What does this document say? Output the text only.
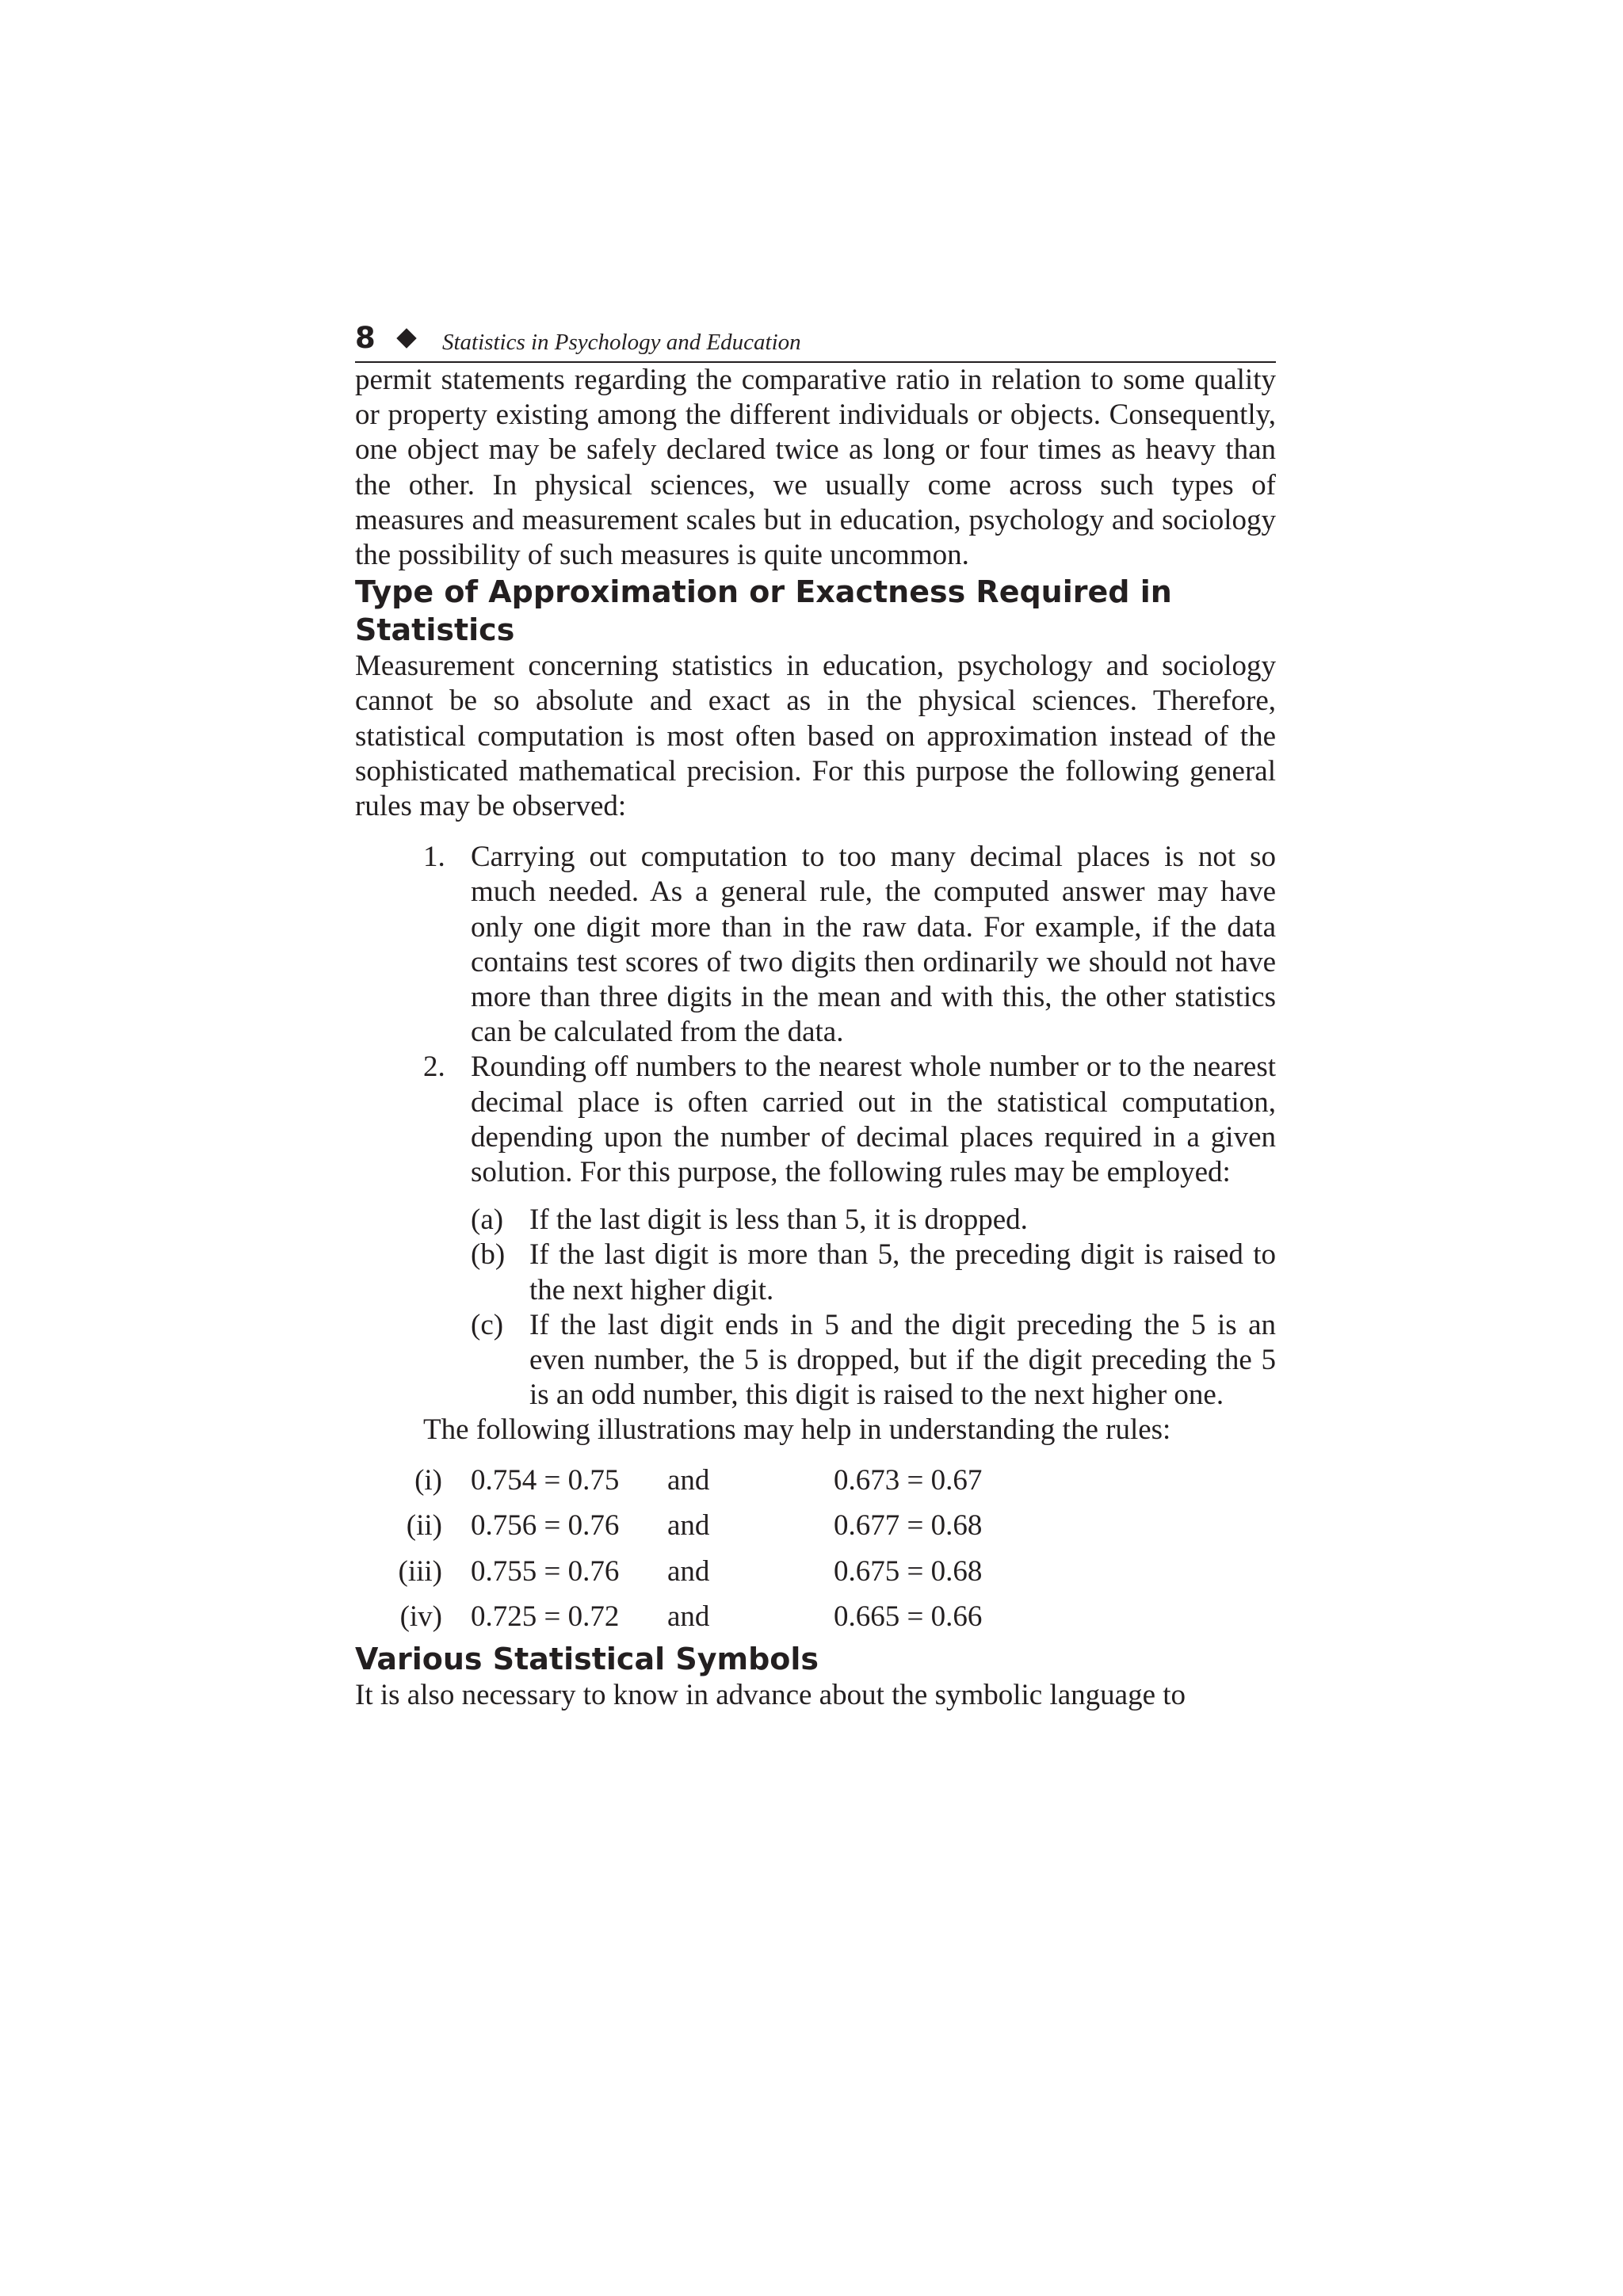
8	Statistics in Psychology and Education

permit statements regarding the comparative ratio in relation to some quality or property existing among the different individuals or objects. Consequently, one object may be safely declared twice as long or four times as heavy than the other. In physical sciences, we usually come across such types of measures and measurement scales but in education, psychology and sociology the possibility of such measures is quite uncommon.

Type of Approximation or Exactness Required in Statistics

Measurement concerning statistics in education, psychology and sociology cannot be so absolute and exact as in the physical sciences. Therefore, statistical computation is most often based on approximation instead of the sophisticated mathematical precision. For this purpose the following general rules may be observed:

1. Carrying out computation to too many decimal places is not so much needed. As a general rule, the computed answer may have only one digit more than in the raw data. For example, if the data contains test scores of two digits then ordinarily we should not have more than three digits in the mean and with this, the other statistics can be calculated from the data.

2. Rounding off numbers to the nearest whole number or to the nearest decimal place is often carried out in the statistical computation, depending upon the number of decimal places required in a given solution. For this purpose, the following rules may be employed:

(a) If the last digit is less than 5, it is dropped.

(b) If the last digit is more than 5, the preceding digit is raised to the next higher digit.

(c) If the last digit ends in 5 and the digit preceding the 5 is an even number, the 5 is dropped, but if the digit preceding the 5 is an odd number, this digit is raised to the next higher one.

The following illustrations may help in understanding the rules:

(i)	0.754 = 0.75	and	0.673 = 0.67
(ii)	0.756 = 0.76	and	0.677 = 0.68
(iii)	0.755 = 0.76	and	0.675 = 0.68
(iv)	0.725 = 0.72	and	0.665 = 0.66
Various Statistical Symbols

It is also necessary to know in advance about the symbolic language to
